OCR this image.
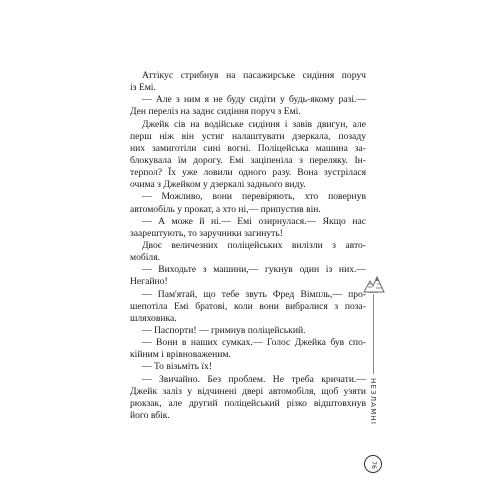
Аттікус стрибнув на пасажирське сидіння поруч
із Емі.
— Але з ним я не буду сидіти у будь-якому разі.—
Ден переліз на заднє сидіння поруч з Емі.
Джейк сів на водійське сидіння і завів двигун, але
перш ніж він устиг налаштувати дзеркала, позаду
них замиготіли сині вогні. Поліцейська машина за-
блокувала їм дорогу. Емі заціпеніла з переляку. Ін-
терпол? Їх уже ловили одного разу. Вона зустрілася
очима з Джейком у дзеркалі заднього виду.
— Можливо, вони перевіряють, хто повернув
автомобіль у прокат, а хто ні,— припустив він.
— А може й ні.— Емі озирнулася.— Якщо нас
заарештують, то заручники загинуть!
Двоє величезних поліцейських вилізли з авто-
мобіля.
— Виходьте з машини,— гукнув один із них.—
Негайно!
— Пам'ятай, що тебе звуть Фред Вімпль,— про-
шепотіла Емі братові, коли вони вибралися з поза-
шляховика.
— Паспорти! — гримнув поліцейський.
— Вони в наших сумках.— Голос Джейка був спо-
кійним і врівноваженим.
— То візьміть їх!
— Звичайно. Без проблем. Не треба кричати.—
Джейк заліз у відчинені двері автомобіля, щоб узяти
рюкзак, але другий поліцейський різко відштовхнув
його вбік.	НЕЗЛАМНІ
76
